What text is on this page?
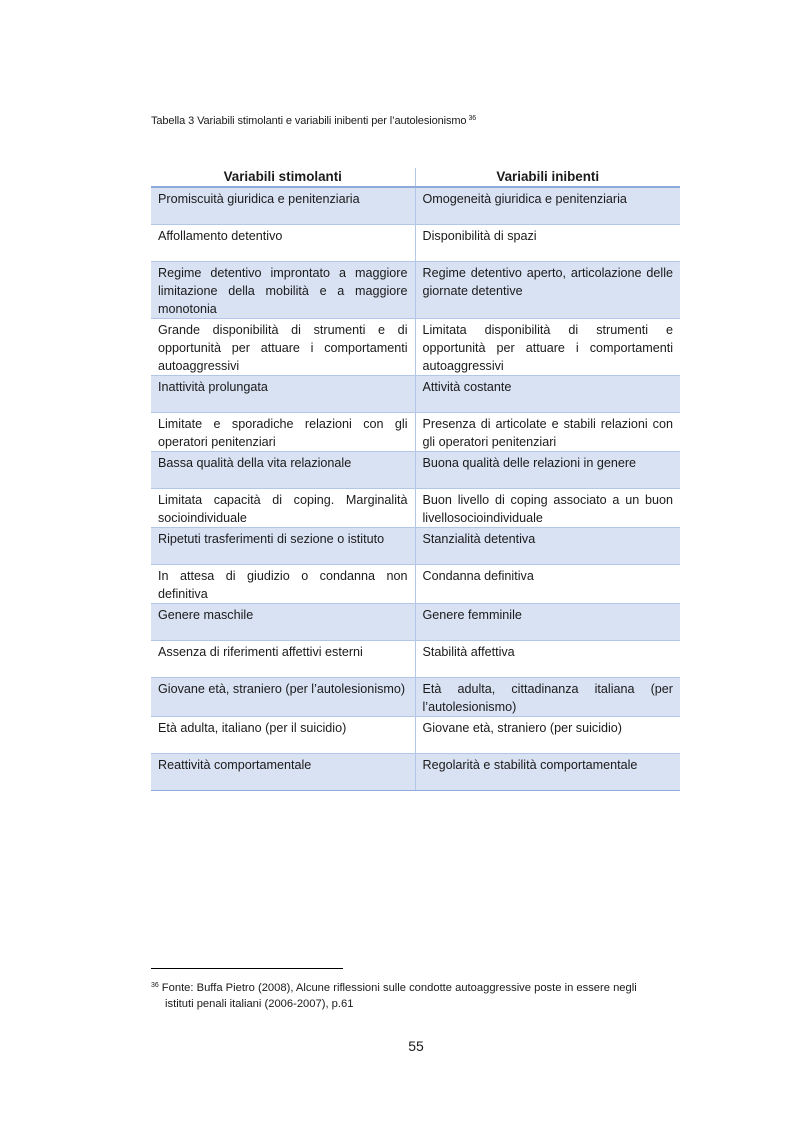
Tabella 3 Variabili stimolanti e variabili inibenti per l’autolesionismo $^{36}$
Variabili stimolanti	Variabili inibenti
Promiscuità giuridica e penitenziaria	Omogeneità giuridica e penitenziaria
Affollamento detentivo	Disponibilità di spazi
Regime detentivo improntato a maggiore limitazione della mobilità e a maggiore monotonia	Regime detentivo aperto, articolazione delle giornate detentive
Grande disponibilità di strumenti e di opportunità per attuare i comportamenti autoaggressivi	Limitata disponibilità di strumenti e opportunità per attuare i comportamenti autoaggressivi
Inattività prolungata	Attività costante
Limitate e sporadiche relazioni con gli operatori penitenziari	Presenza di articolate e stabili relazioni con gli operatori penitenziari
Bassa qualità della vita relazionale	Buona qualità delle relazioni in genere
Limitata capacità di coping. Marginalità socioindividuale	Buon livello di coping associato a un buon livellosocioindividuale
Ripetuti trasferimenti di sezione o istituto	Stanzialità detentiva
In attesa di giudizio o condanna non definitiva	Condanna definitiva
Genere maschile	Genere femminile
Assenza di riferimenti affettivi esterni	Stabilità affettiva
Giovane età, straniero (per l’autolesionismo)	Età adulta, cittadinanza italiana (per l’autolesionismo)
Età adulta, italiano (per il suicidio)	Giovane età, straniero (per suicidio)
Reattività comportamentale	Regolarità e stabilità comportamentale
$^{36}$ Fonte: Buffa Pietro (2008), Alcune riflessioni sulle condotte autoaggressive poste in essere negli
istituti penali italiani (2006-2007), p.61
55
